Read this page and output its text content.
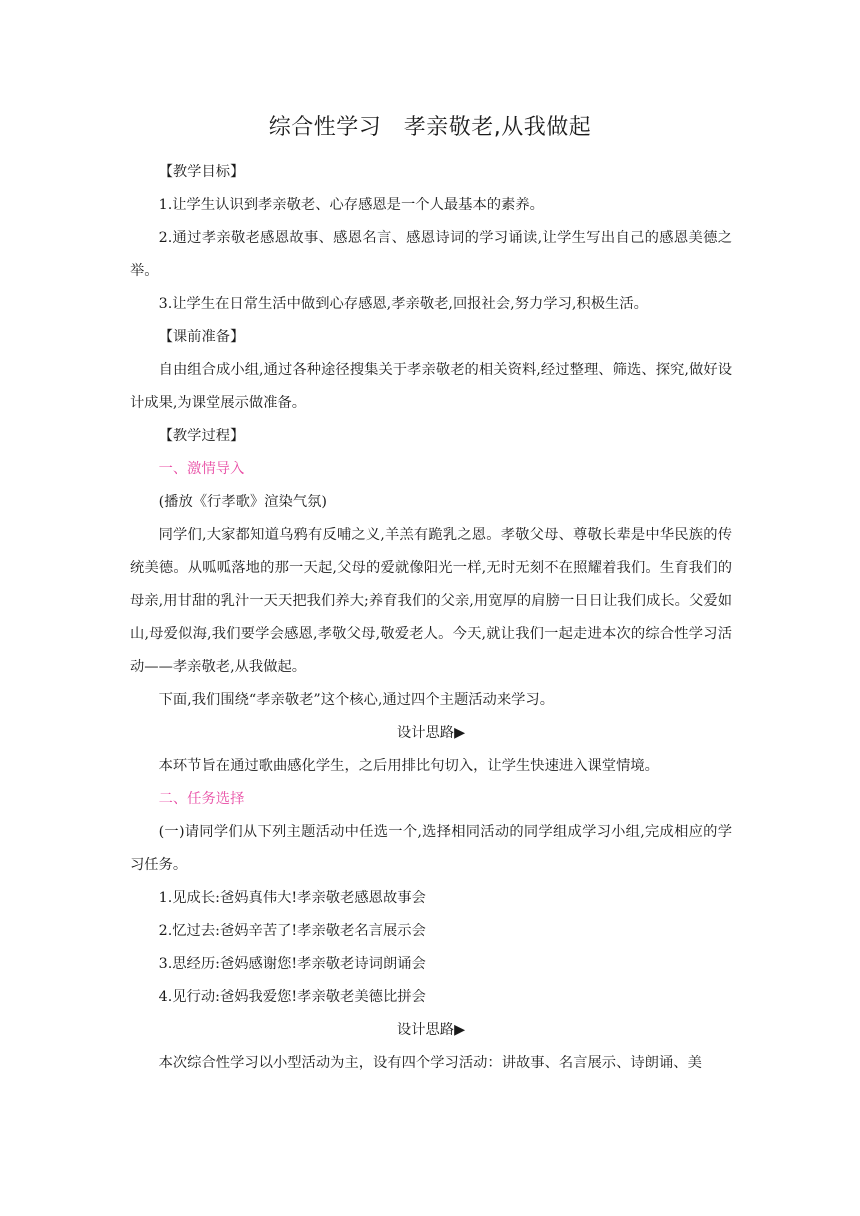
综合性学习　孝亲敬老,从我做起

【教学目标】

1.让学生认识到孝亲敬老、心存感恩是一个人最基本的素养。

2.通过孝亲敬老感恩故事、感恩名言、感恩诗词的学习诵读,让学生写出自己的感恩美德之举。

3.让学生在日常生活中做到心存感恩,孝亲敬老,回报社会,努力学习,积极生活。

【课前准备】

自由组合成小组,通过各种途径搜集关于孝亲敬老的相关资料,经过整理、筛选、探究,做好设计成果,为课堂展示做准备。

【教学过程】

一、激情导入

(播放《行孝歌》渲染气氛)

同学们,大家都知道乌鸦有反哺之义,羊羔有跪乳之恩。孝敬父母、尊敬长辈是中华民族的传统美德。从呱呱落地的那一天起,父母的爱就像阳光一样,无时无刻不在照耀着我们。生育我们的母亲,用甘甜的乳汁一天天把我们养大;养育我们的父亲,用宽厚的肩膀一日日让我们成长。父爱如山,母爱似海,我们要学会感恩,孝敬父母,敬爱老人。今天,就让我们一起走进本次的综合性学习活动——孝亲敬老,从我做起。

下面,我们围绕“孝亲敬老”这个核心,通过四个主题活动来学习。

设计思路▶

本环节旨在通过歌曲感化学生，之后用排比句切入，让学生快速进入课堂情境。

二、任务选择

(一)请同学们从下列主题活动中任选一个,选择相同活动的同学组成学习小组,完成相应的学习任务。

1.见成长:爸妈真伟大!孝亲敬老感恩故事会

2.忆过去:爸妈辛苦了!孝亲敬老名言展示会

3.思经历:爸妈感谢您!孝亲敬老诗词朗诵会

4.见行动:爸妈我爱您!孝亲敬老美德比拼会

设计思路▶

本次综合性学习以小型活动为主，设有四个学习活动：讲故事、名言展示、诗朗诵、美
